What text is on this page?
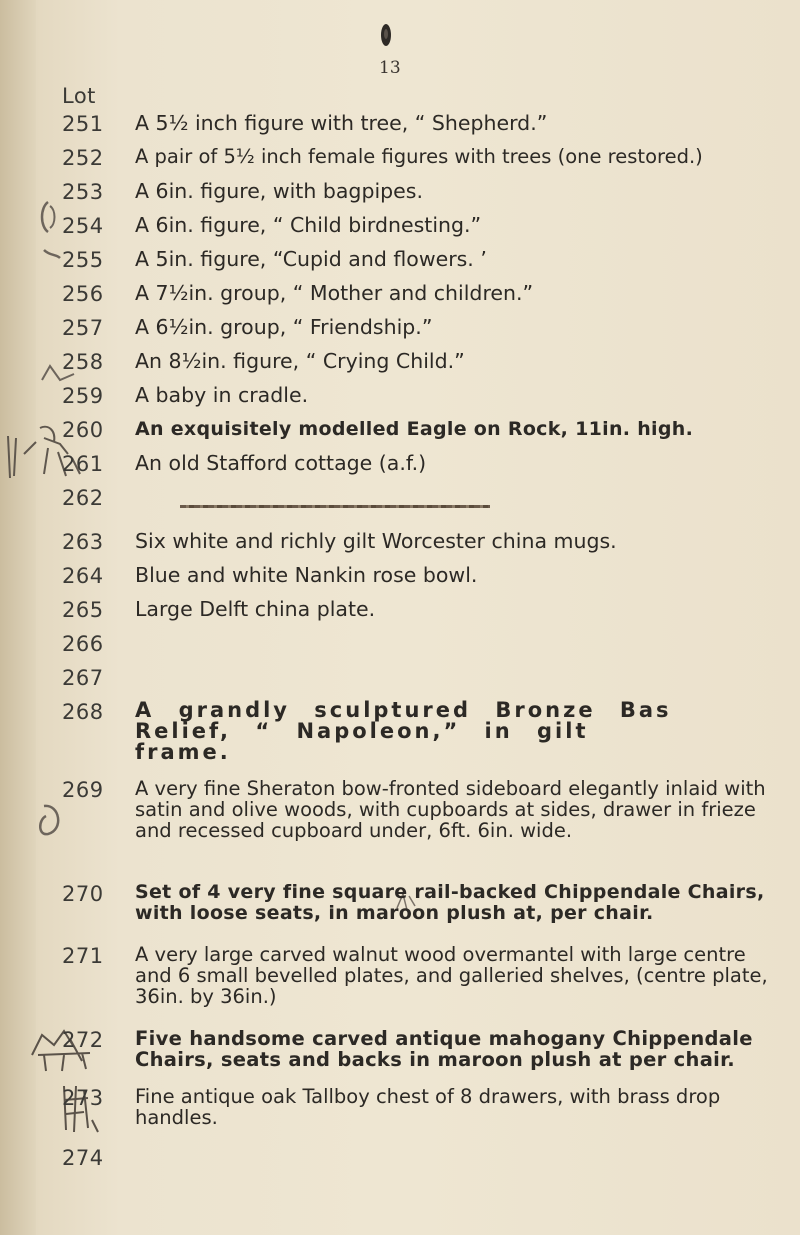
13
Lot
251
252
253
254
255
256
257
258
259
260
261
262
263
264
265
266
267
268
269
270
271
272
273
274
A 5½ inch figure with tree, “ Shepherd.”
A pair of 5½ inch female figures with trees (one restored.)
A 6in. figure, with bagpipes.
A 6in. figure, “ Child birdnesting.”
A 5in. figure, “Cupid and flowers. ’
A 7½in. group, “ Mother and children.”
A 6½in. group, “ Friendship.”
An 8½in. figure, “ Crying Child.”
A baby in cradle.
An exquisitely modelled Eagle on Rock, 11in. high.
An old Stafford cottage (a.f.)
Six white and richly gilt Worcester china mugs.
Blue and white Nankin rose bowl.
Large Delft china plate.
A grandly sculptured Bronze Bas Relief, “ Napoleon,” in gilt frame.
A very fine Sheraton bow-fronted sideboard elegantly inlaid with satin and olive woods, with cupboards at sides, drawer in frieze and recessed cupboard under, 6ft. 6in. wide.
Set of 4 very fine square rail-backed Chippendale Chairs, with loose seats, in maroon plush at, per chair.
A very large carved walnut wood overmantel with large centre and 6 small bevelled plates, and galleried shelves, (centre plate, 36in. by 36in.)
Five handsome carved antique mahogany Chippendale Chairs, seats and backs in maroon plush at per chair.
Fine antique oak Tallboy chest of 8 drawers, with brass drop handles.
